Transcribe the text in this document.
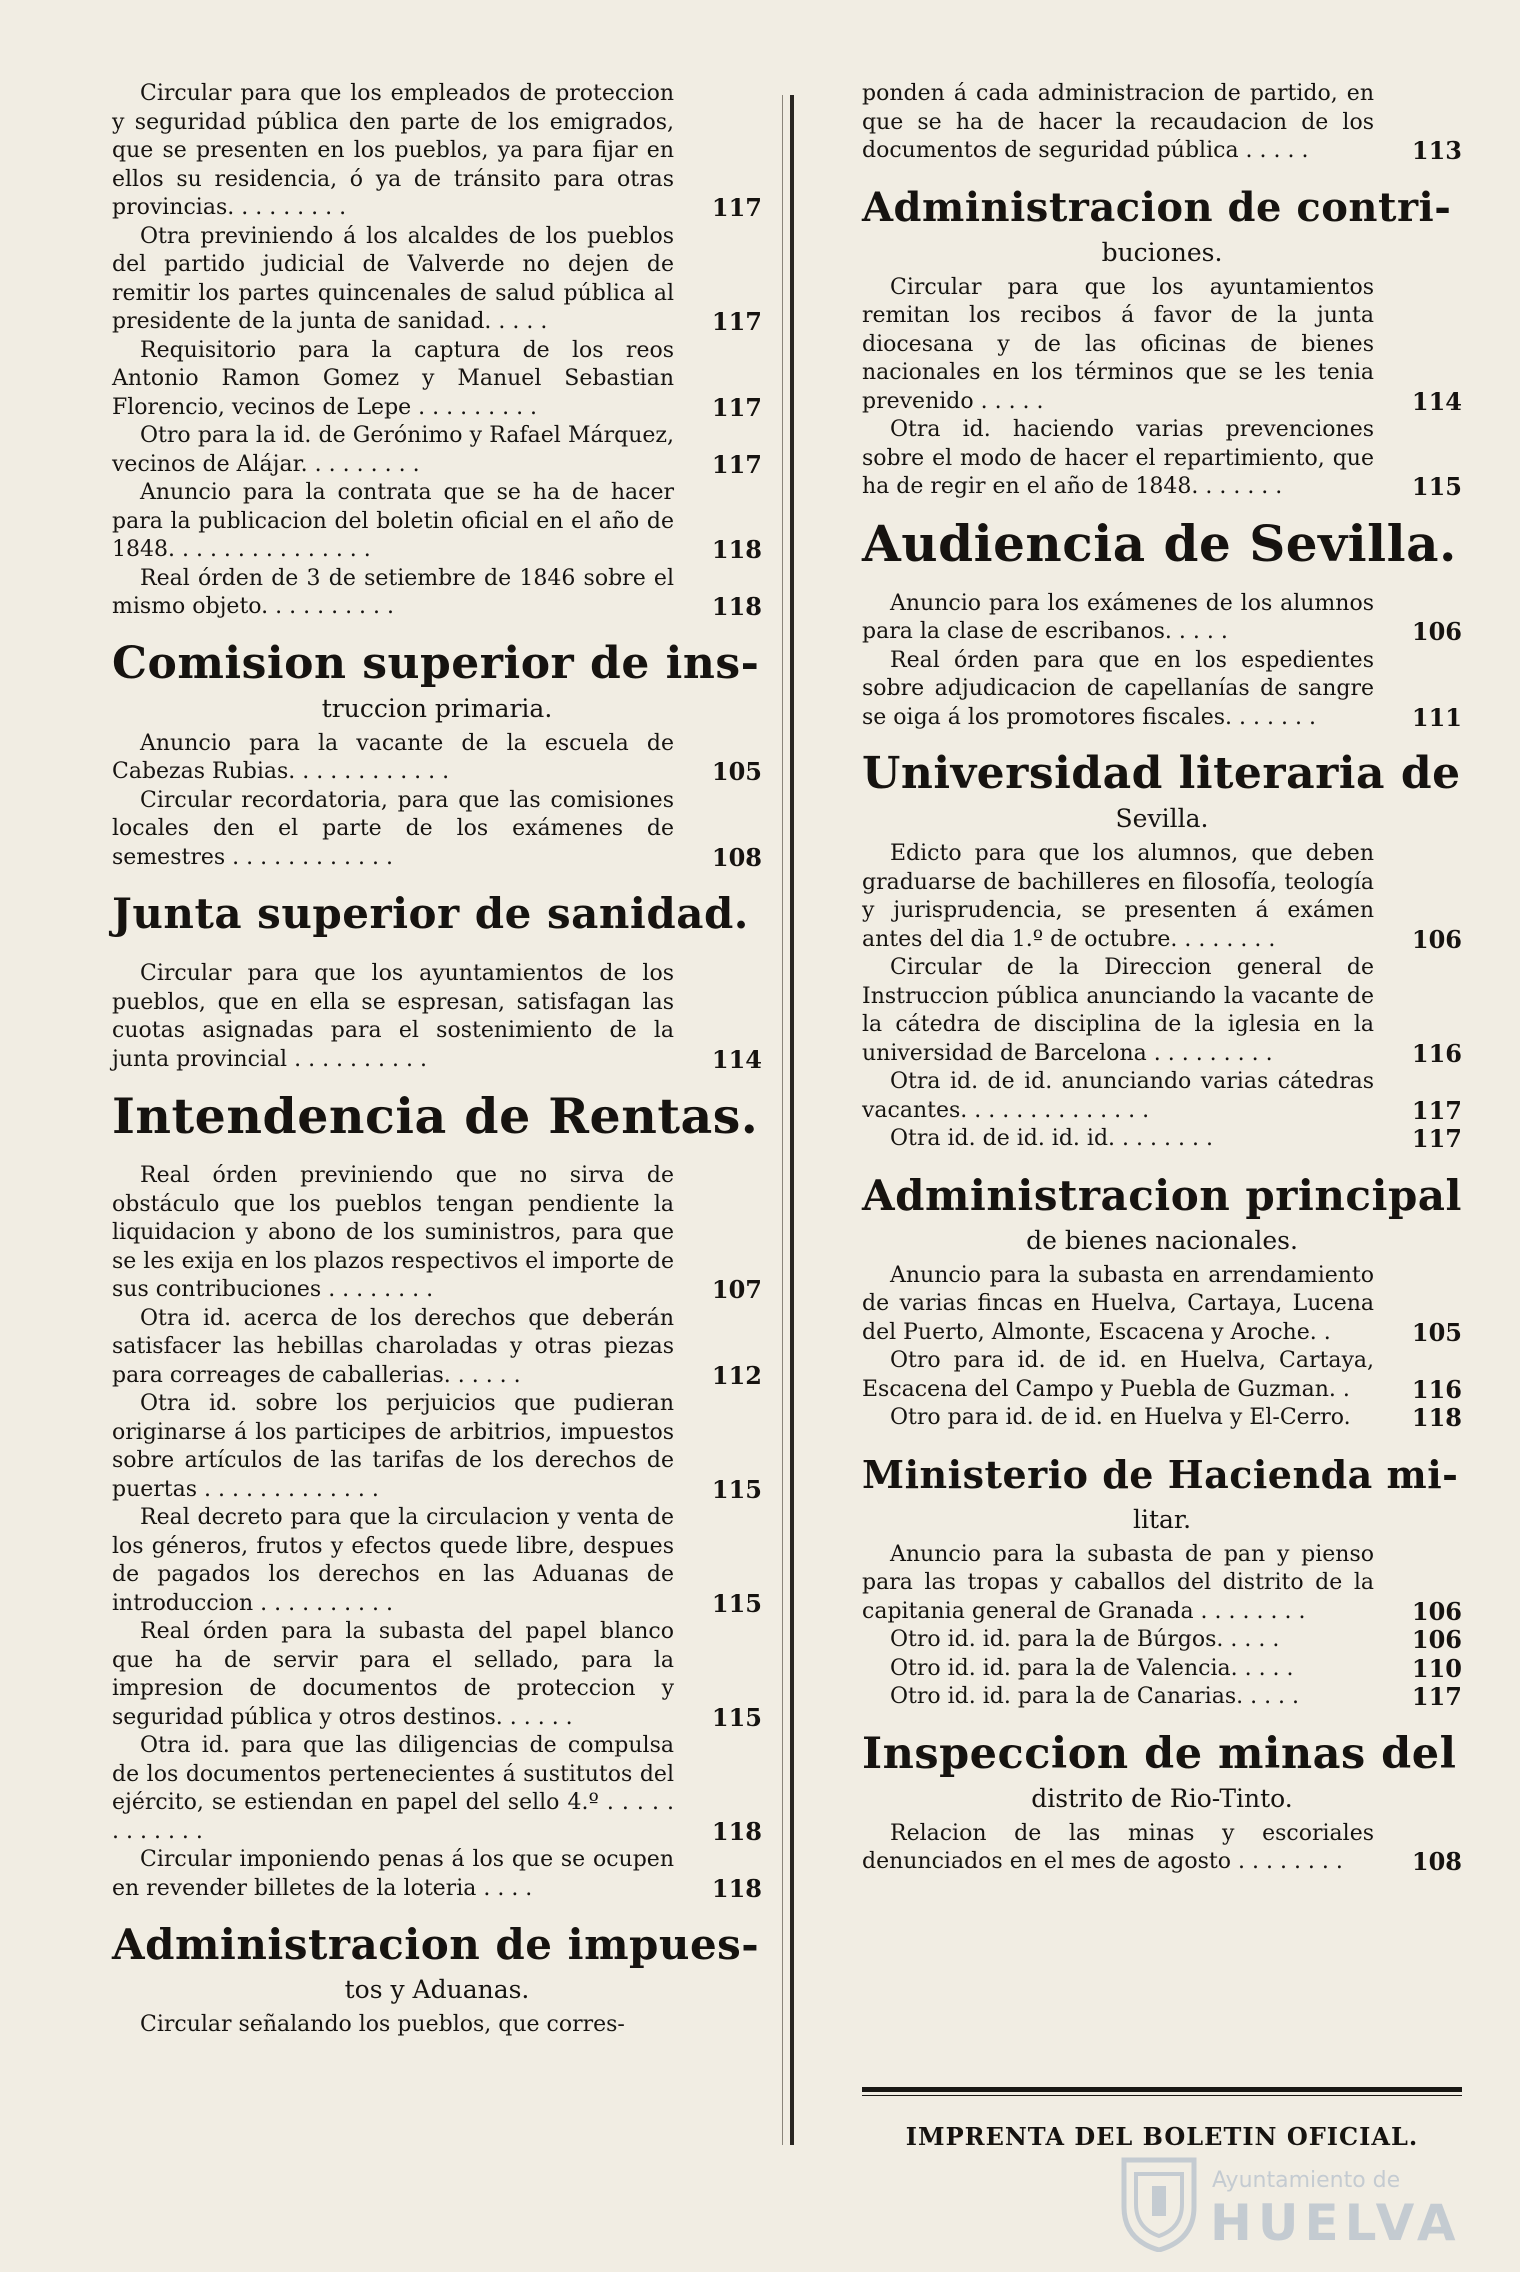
Circular para que los empleados de proteccion y seguridad pública den parte de los emigrados, que se presenten en los pueblos, ya para fijar en ellos su residencia, ó ya de tránsito para otras provincias. . . . . . . . .	117

Otra previniendo á los alcaldes de los pueblos del partido judicial de Valverde no dejen de remitir los partes quincenales de salud pública al presidente de la junta de sanidad. . . . .	117

Requisitorio para la captura de los reos Antonio Ramon Gomez y Manuel Sebastian Florencio, vecinos de Lepe . . . . . . . . .	117

Otro para la id. de Gerónimo y Rafael Márquez, vecinos de Alájar. . . . . . . . .	117

Anuncio para la contrata que se ha de hacer para la publicacion del boletin oficial en el año de 1848. . . . . . . . . . . . . . .	118

Real órden de 3 de setiembre de 1846 sobre el mismo objeto. . . . . . . . . .	118

Comision superior de ins-
truccion primaria.

Anuncio para la vacante de la escuela de Cabezas Rubias. . . . . . . . . . . .	105

Circular recordatoria, para que las comisiones locales den el parte de los exámenes de semestres . . . . . . . . . . . .	108

Junta superior de sanidad.

Circular para que los ayuntamientos de los pueblos, que en ella se espresan, satisfagan las cuotas asignadas para el sostenimiento de la junta provincial . . . . . . . . . .	114

Intendencia de Rentas.

Real órden previniendo que no sirva de obstáculo que los pueblos tengan pendiente la liquidacion y abono de los suministros, para que se les exija en los plazos respectivos el importe de sus contribuciones . . . . . . . .	107

Otra id. acerca de los derechos que deberán satisfacer las hebillas charoladas y otras piezas para correages de caballerias. . . . . .	112

Otra id. sobre los perjuicios que pudieran originarse á los participes de arbitrios, impuestos sobre artículos de las tarifas de los derechos de puertas . . . . . . . . . . . . .	115

Real decreto para que la circulacion y venta de los géneros, frutos y efectos quede libre, despues de pagados los derechos en las Aduanas de introduccion . . . . . . . . . .	115

Real órden para la subasta del papel blanco que ha de servir para el sellado, para la impresion de documentos de proteccion y seguridad pública y otros destinos. . . . . .	115

Otra id. para que las diligencias de compulsa de los documentos pertenecientes á sustitutos del ejército, se estiendan en papel del sello 4.º . . . . . . . . . . . .	118

Circular imponiendo penas á los que se ocupen en revender billetes de la loteria . . . .	118

Administracion de impues-
tos y Aduanas.

Circular señalando los pueblos, que corres-

ponden á cada administracion de partido, en que se ha de hacer la recaudacion de los documentos de seguridad pública . . . . .	113

Administracion de contri-
buciones.

Circular para que los ayuntamientos remitan los recibos á favor de la junta diocesana y de las oficinas de bienes nacionales en los términos que se les tenia prevenido . . . . .	114

Otra id. haciendo varias prevenciones sobre el modo de hacer el repartimiento, que ha de regir en el año de 1848. . . . . . .	115

Audiencia de Sevilla.

Anuncio para los exámenes de los alumnos para la clase de escribanos. . . . .	106

Real órden para que en los espedientes sobre adjudicacion de capellanías de sangre se oiga á los promotores fiscales. . . . . . .	111

Universidad literaria de
Sevilla.

Edicto para que los alumnos, que deben graduarse de bachilleres en filosofía, teología y jurisprudencia, se presenten á exámen antes del dia 1.º de octubre. . . . . . . .	106

Circular de la Direccion general de Instruccion pública anunciando la vacante de la cátedra de disciplina de la iglesia en la universidad de Barcelona . . . . . . . . .	116

Otra id. de id. anunciando varias cátedras vacantes. . . . . . . . . . . . . .	117

Otra id. de id. id. id. . . . . . . .	117

Administracion principal
de bienes nacionales.

Anuncio para la subasta en arrendamiento de varias fincas en Huelva, Cartaya, Lucena del Puerto, Almonte, Escacena y Aroche. .	105

Otro para id. de id. en Huelva, Cartaya, Escacena del Campo y Puebla de Guzman. .	116

Otro para id. de id. en Huelva y El-Cerro.	118

Ministerio de Hacienda mi-
litar.

Anuncio para la subasta de pan y pienso para las tropas y caballos del distrito de la capitania general de Granada . . . . . . . .	106

Otro id. id. para la de Búrgos. . . . .	106

Otro id. id. para la de Valencia. . . . .	110

Otro id. id. para la de Canarias. . . . .	117

Inspeccion de minas del
distrito de Rio-Tinto.

Relacion de las minas y escoriales denunciados en el mes de agosto . . . . . . . .	108

IMPRENTA DEL BOLETIN OFICIAL.
Ayuntamiento de
HUELVA
